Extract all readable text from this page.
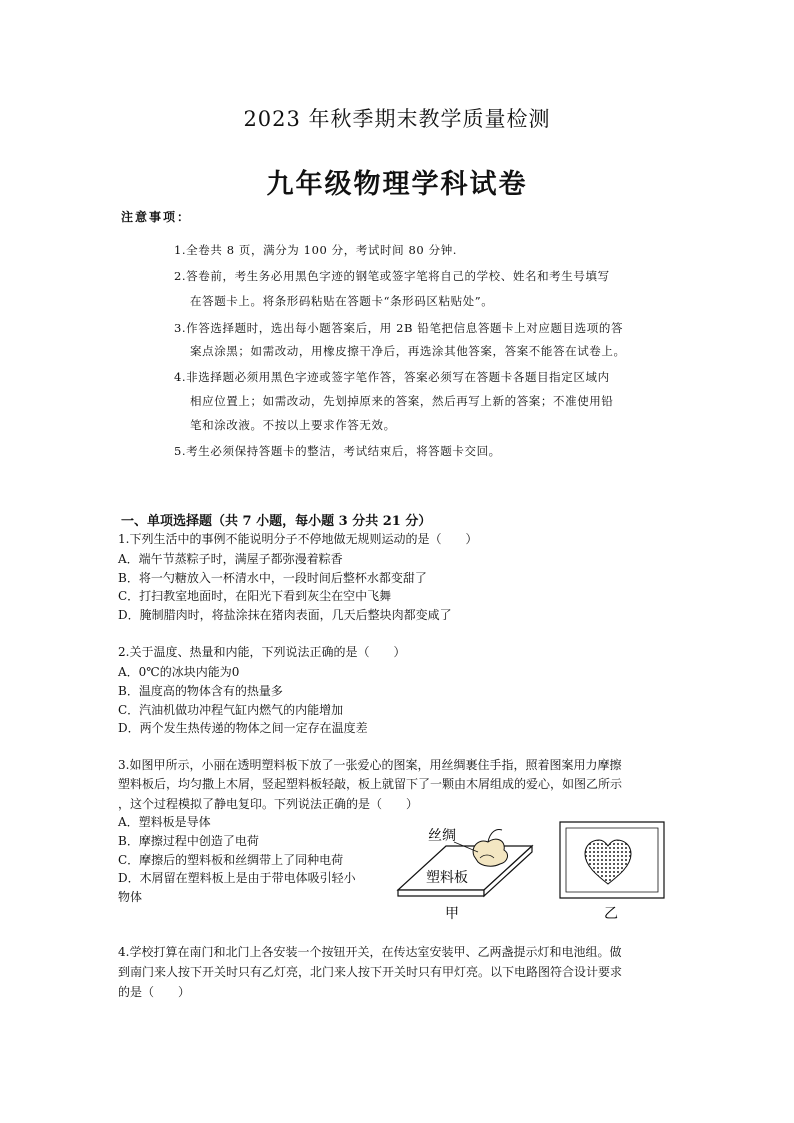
2023 年秋季期末教学质量检测
九年级物理学科试卷
注意事项：
1.全卷共 8 页，满分为 100 分，考试时间 80 分钟.
2.答卷前，考生务必用黑色字迹的钢笔或签字笔将自己的学校、姓名和考生号填写
在答题卡上。将条形码粘贴在答题卡“条形码区粘贴处”。
3.作答选择题时，选出每小题答案后，用 2B 铅笔把信息答题卡上对应题目选项的答
案点涂黑；如需改动，用橡皮擦干净后，再选涂其他答案，答案不能答在试卷上。
4.非选择题必须用黑色字迹或签字笔作答，答案必须写在答题卡各题目指定区域内
相应位置上；如需改动，先划掉原来的答案，然后再写上新的答案；不准使用铅
笔和涂改液。不按以上要求作答无效。
5.考生必须保持答题卡的整洁，考试结束后，将答题卡交回。
一、单项选择题（共 7 小题，每小题 3 分共 21 分）
1.下列生活中的事例不能说明分子不停地做无规则运动的是（　　）
A．端午节蒸粽子时，满屋子都弥漫着粽香
B．将一勺糖放入一杯清水中，一段时间后整杯水都变甜了
C．打扫教室地面时，在阳光下看到灰尘在空中飞舞
D．腌制腊肉时，将盐涂抹在猪肉表面，几天后整块肉都变咸了
2.关于温度、热量和内能，下列说法正确的是（　　）
A．0℃的冰块内能为0
B．温度高的物体含有的热量多
C．汽油机做功冲程气缸内燃气的内能增加
D．两个发生热传递的物体之间一定存在温度差
3.如图甲所示，小丽在透明塑料板下放了一张爱心的图案，用丝绸裹住手指，照着图案用力摩擦
塑料板后，均匀撒上木屑，竖起塑料板轻敲，板上就留下了一颗由木屑组成的爱心，如图乙所示
，这个过程模拟了静电复印。下列说法正确的是（　　）
A．塑料板是导体
B．摩擦过程中创造了电荷
C．摩擦后的塑料板和丝绸带上了同种电荷
D．木屑留在塑料板上是由于带电体吸引轻小
物体
丝绸
塑料板
甲	乙
4.学校打算在南门和北门上各安装一个按钮开关，在传达室安装甲、乙两盏提示灯和电池组。做
到南门来人按下开关时只有乙灯亮，北门来人按下开关时只有甲灯亮。以下电路图符合设计要求
的是（　　）
